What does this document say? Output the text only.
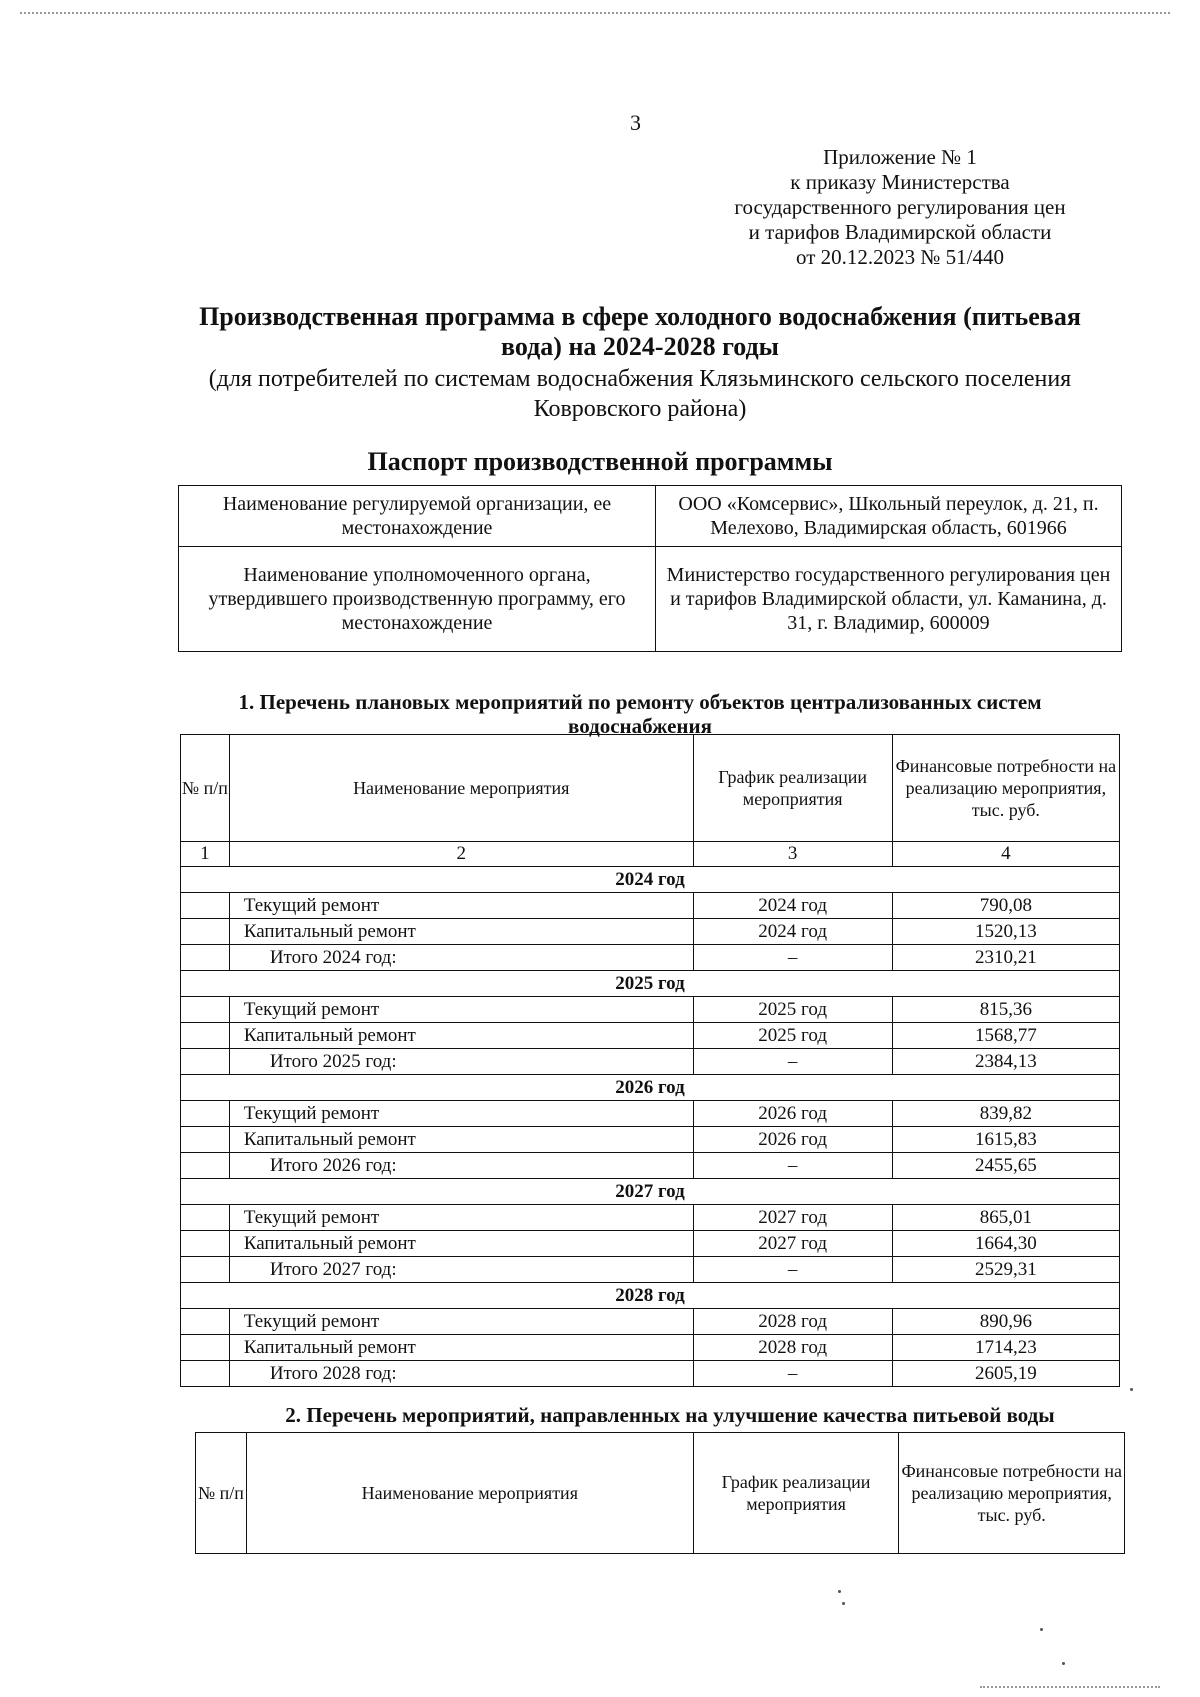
3
Приложение № 1
к приказу Министерства
государственного регулирования цен
и тарифов Владимирской области
от 20.12.2023 № 51/440
Производственная программа в сфере холодного водоснабжения (питьевая вода) на 2024-2028 годы
(для потребителей по системам водоснабжения Клязьминского сельского поселения Ковровского района)
Паспорт производственной программы
Наименование регулируемой организации, ее местонахождение	ООО «Комсервис», Школьный переулок, д. 21, п. Мелехово, Владимирская область, 601966
Наименование уполномоченного органа, утвердившего производственную программу, его местонахождение	Министерство государственного регулирования цен и тарифов Владимирской области, ул. Каманина, д. 31, г. Владимир, 600009
1. Перечень плановых мероприятий по ремонту объектов централизованных систем водоснабжения
№ п/п	Наименование мероприятия	График реализации мероприятия	Финансовые потребности на реализацию мероприятия, тыс. руб.
1	2	3	4
2024 год			
	Текущий ремонт	2024 год	790,08
	Капитальный ремонт	2024 год	1520,13
	Итого 2024 год:	–	2310,21
2025 год			
	Текущий ремонт	2025 год	815,36
	Капитальный ремонт	2025 год	1568,77
	Итого 2025 год:	–	2384,13
2026 год			
	Текущий ремонт	2026 год	839,82
	Капитальный ремонт	2026 год	1615,83
	Итого 2026 год:	–	2455,65
2027 год			
	Текущий ремонт	2027 год	865,01
	Капитальный ремонт	2027 год	1664,30
	Итого 2027 год:	–	2529,31
2028 год			
	Текущий ремонт	2028 год	890,96
	Капитальный ремонт	2028 год	1714,23
	Итого 2028 год:	–	2605,19
2. Перечень мероприятий, направленных на улучшение качества питьевой воды
№ п/п	Наименование мероприятия	График реализации мероприятия	Финансовые потребности на реализацию мероприятия, тыс. руб.
